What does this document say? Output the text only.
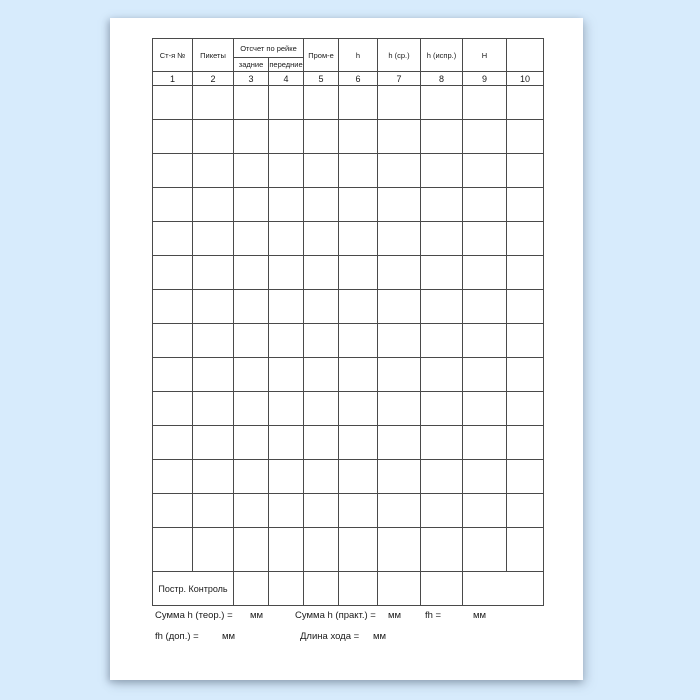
Ст-я №	Пикеты	Отсчет по рейке		Пром-е	h	h (ср.)	h (испр.)	Н	
		задние	передние						
1	2	3	4	5	6	7	8	9	10

Постр. Контроль									
Сумма h (теор.) = мм	Сумма h (практ.) = мм	fh =	мм
fh (доп.) = мм	Длина хода = мм
